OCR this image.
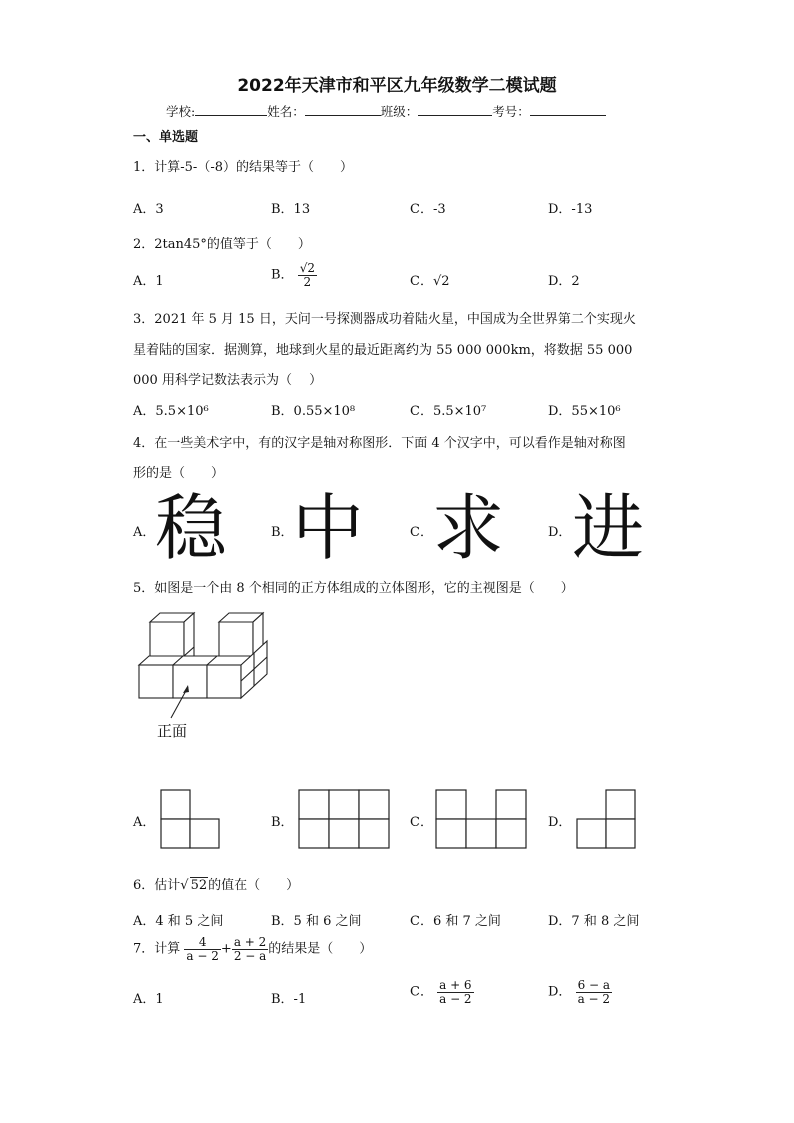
2022年天津市和平区九年级数学二模试题
学校:	姓名：	班级：	考号：
一、单选题
1．计算-5-（-8）的结果等于（　　）
A．3	B．13	C．-3	D．-13
2．2tan45°的值等于（　　）
A．1	B． $\frac{√2}{2}$	C．√2	D．2
3．2021 年 5 月 15 日，天问一号探测器成功着陆火星，中国成为全世界第二个实现火
星着陆的国家．据测算，地球到火星的最近距离约为 55 000 000km，将数据 55 000
000 用科学记数法表示为（　 ）
A．5.5×10⁶	B．0.55×10⁸	C．5.5×10⁷	D．55×10⁶
4．在一些美术字中，有的汉字是轴对称图形．下面 4 个汉字中，可以看作是轴对称图
形的是（　　）
A． 稳	B．
中	C． 求	D． 进
5．如图是一个由 8 个相同的正方体组成的立体图形，它的主视图是（　　）
正面
A．	B．	C．	D．
6．估计√ 52的值在（　　）
A．4 和 5 之间	B．5 和 6 之间	C．6 和 7 之间	D．7 和 8 之间
7．计算 $\frac{4}{a - 2} + \frac{a + 2}{2 - a}$ 的结果是（　　）
A．1	B．-1	C． $\frac{a + 6}{a - 2}$	D． $\frac{6 - a}{a - 2}$
